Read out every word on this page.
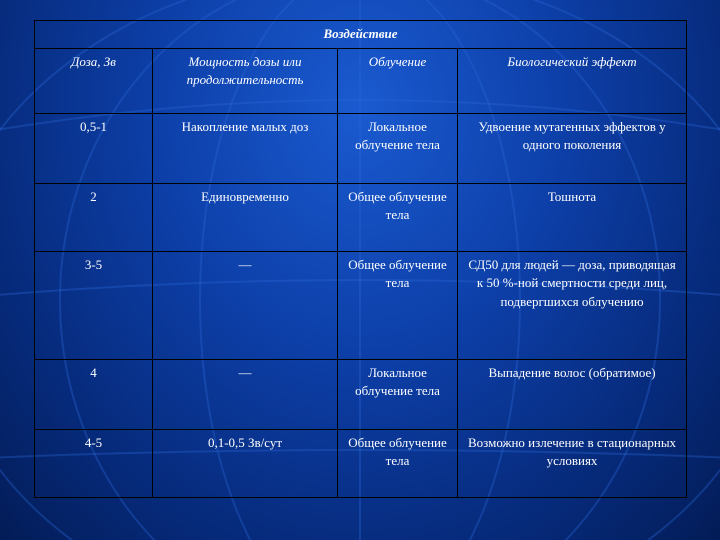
Воздействие			
Доза, Зв	Мощность дозы или продолжительность	Облучение	Биологический эффект
0,5-1	Накопление малых доз	Локальное облучение тела	Удвоение мутагенных эффектов у одного поколения
2	Единовременно	Общее облучение тела	Тошнота
3-5	—	Общее облучение тела	СД50 для людей — доза, приводящая к 50 %-ной смертности среди лиц, подвергшихся облучению
4	—	Локальное облучение тела	Выпадение волос (обратимое)
4-5	0,1-0,5 Зв/сут	Общее облучение тела	Возможно излечение в стационарных условиях
